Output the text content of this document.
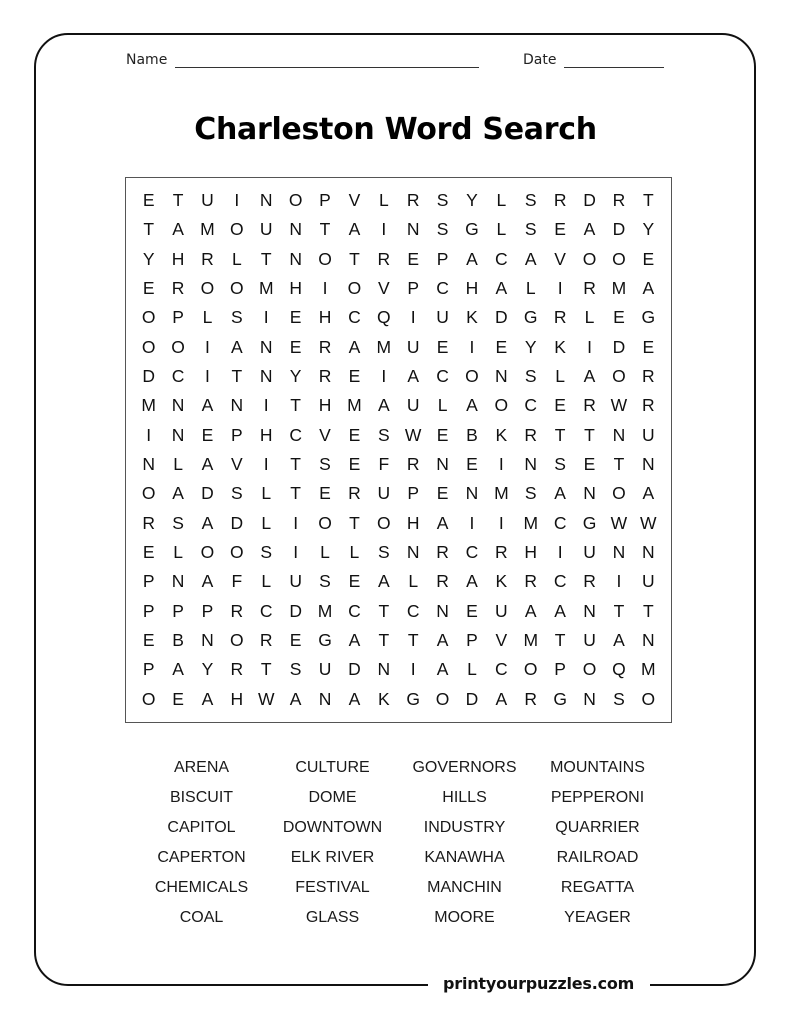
Name	Date
Charleston Word Search
E	T	U	I	N O P	V	L	R S	Y	L	S R D R	T
T	A M O U N	T	A	I	N S G	L	S	E	A D Y
Y H R	L	T	N O T	R E	P	A C A	V O O E
E R O O M H	I	O V	P C H A	L	I	R M A
O P	L	S	I	E H C Q	I	U K D G R	L	E G
O O	I	A N E R A M U E	I	E	Y	K	I	D E
D C	I	T	N Y R E	I	A C O N S	L	A O R
M N A N	I	T	H M A U	L	A O C E R W R
I	N E	P H C V	E	S W E	B	K R	T	T	N U
N	L	A	V	I	T	S	E	F	R N E	I	N S	E	T	N
O A D S	L	T	E R U P	E N M S	A N O A
R S	A D	L	I	O T O H A	I	I	M C G W W
E	L	O O S	I	L	L	S N R C R H	I	U N N
P N A	F	L	U S	E	A	L	R A	K R C R	I	U
P	P	P R C D M C	T	C N E U A	A N	T	T
E	B N O R E G A	T	T	A	P	V M T	U A N
P	A	Y R	T	S U D N	I	A	L	C O P O Q M
O E	A H W A N A	K G O D A R G N S O
ARENA	CULTURE	GOVERNORS	MOUNTAINS
BISCUIT	DOME	HILLS	PEPPERONI
CAPITOL	DOWNTOWN	INDUSTRY	QUARRIER
CAPERTON	ELK RIVER	KANAWHA	RAILROAD
CHEMICALS	FESTIVAL	MANCHIN	REGATTA
COAL	GLASS	MOORE	YEAGER
printyourpuzzles.com
